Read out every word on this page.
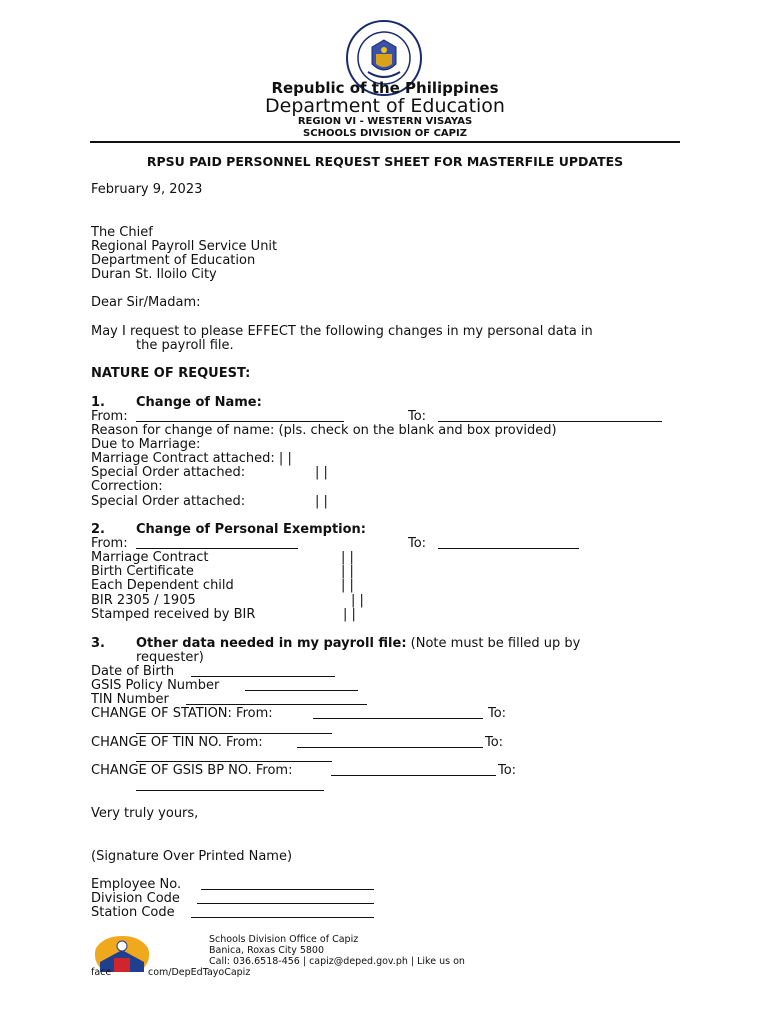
Republic of the Philippines
Department of Education
REGION VI - WESTERN VISAYAS
SCHOOLS DIVISION OF CAPIZ
RPSU PAID PERSONNEL REQUEST SHEET FOR MASTERFILE UPDATES
February 9, 2023
The Chief
Regional Payroll Service Unit
Department of Education
Duran St. Iloilo City
Dear Sir/Madam:
May I request to please EFFECT the following changes in my personal data in
the payroll file.
NATURE OF REQUEST:
1. Change of Name:
From:	To:
Reason for change of name: (pls. check on the blank and box provided)
Due to Marriage:
Marriage Contract attached: | |
Special Order attached:	| |
Correction:
Special Order attached:	| |
2. Change of Personal Exemption:
From:	To:
Marriage Contract	| |
Birth Certificate	| |
Each Dependent child	| |
BIR 2305 / 1905	| |
Stamped received by BIR	| |
3. Other data needed in my payroll file: (Note must be filled up by
requester)
Date of Birth
GSIS Policy Number
TIN Number
CHANGE OF STATION: From:	To:
CHANGE OF TIN NO. From:	To:
CHANGE OF GSIS BP NO. From:	To:
Very truly yours,
(Signature Over Printed Name)
Employee No.
Division Code
Station Code
Schools Division Office of Capiz
Banica, Roxas City 5800
Call: 036.6518-456 | capiz@deped.gov.ph | Like us on
face	com/DepEdTayoCapiz
